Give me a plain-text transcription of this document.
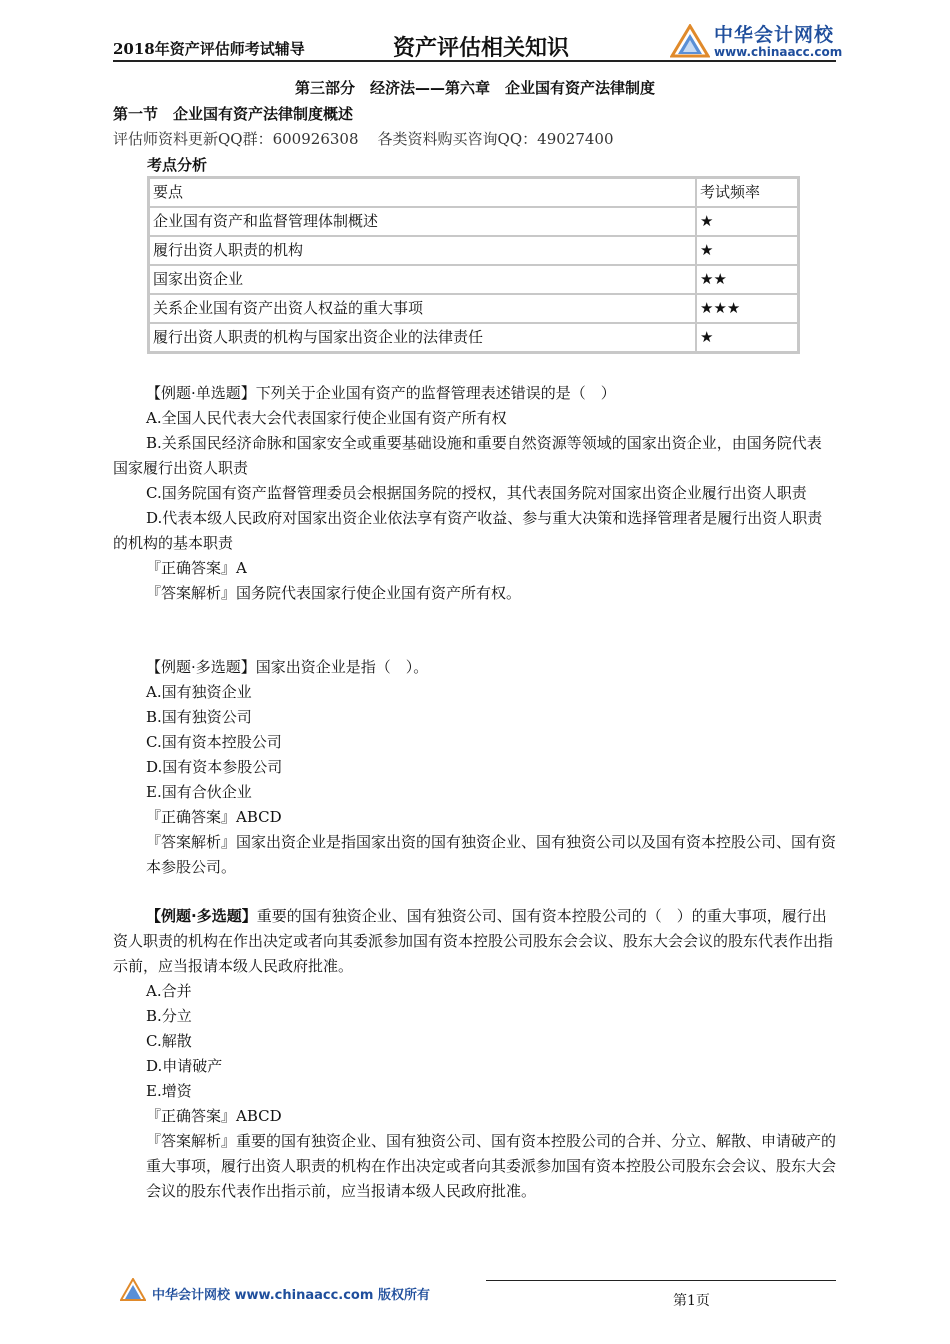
2018年资产评估师考试辅导	资产评估相关知识
中华会计网校
www.chinaacc.com
第三部分　经济法——第六章　企业国有资产法律制度
第一节　企业国有资产法律制度概述
评估师资料更新QQ群：600926308    各类资料购买咨询QQ：49027400
考点分析
要点	考试频率
企业国有资产和监督管理体制概述	★
履行出资人职责的机构	★
国家出资企业	★★
关系企业国有资产出资人权益的重大事项	★★★
履行出资人职责的机构与国家出资企业的法律责任	★

【例题·单选题】下列关于企业国有资产的监督管理表述错误的是（　）

A.全国人民代表大会代表国家行使企业国有资产所有权

B.关系国民经济命脉和国家安全或重要基础设施和重要自然资源等领域的国家出资企业，由国务院代表国家履行出资人职责

C.国务院国有资产监督管理委员会根据国务院的授权，其代表国务院对国家出资企业履行出资人职责

D.代表本级人民政府对国家出资企业依法享有资产收益、参与重大决策和选择管理者是履行出资人职责的机构的基本职责

『正确答案』A

『答案解析』国务院代表国家行使企业国有资产所有权。

【例题·多选题】国家出资企业是指（　）。

A.国有独资企业

B.国有独资公司

C.国有资本控股公司

D.国有资本参股公司

E.国有合伙企业

『正确答案』ABCD

『答案解析』国家出资企业是指国家出资的国有独资企业、国有独资公司以及国有资本控股公司、国有资本参股公司。

【例题·多选题】重要的国有独资企业、国有独资公司、国有资本控股公司的（　）的重大事项，履行出资人职责的机构在作出决定或者向其委派参加国有资本控股公司股东会会议、股东大会会议的股东代表作出指示前，应当报请本级人民政府批准。

A.合并

B.分立

C.解散

D.申请破产

E.增资

『正确答案』ABCD

『答案解析』重要的国有独资企业、国有独资公司、国有资本控股公司的合并、分立、解散、申请破产的重大事项，履行出资人职责的机构在作出决定或者向其委派参加国有资本控股公司股东会会议、股东大会会议的股东代表作出指示前，应当报请本级人民政府批准。

中华会计网校 www.chinaacc.com 版权所有	第1页
